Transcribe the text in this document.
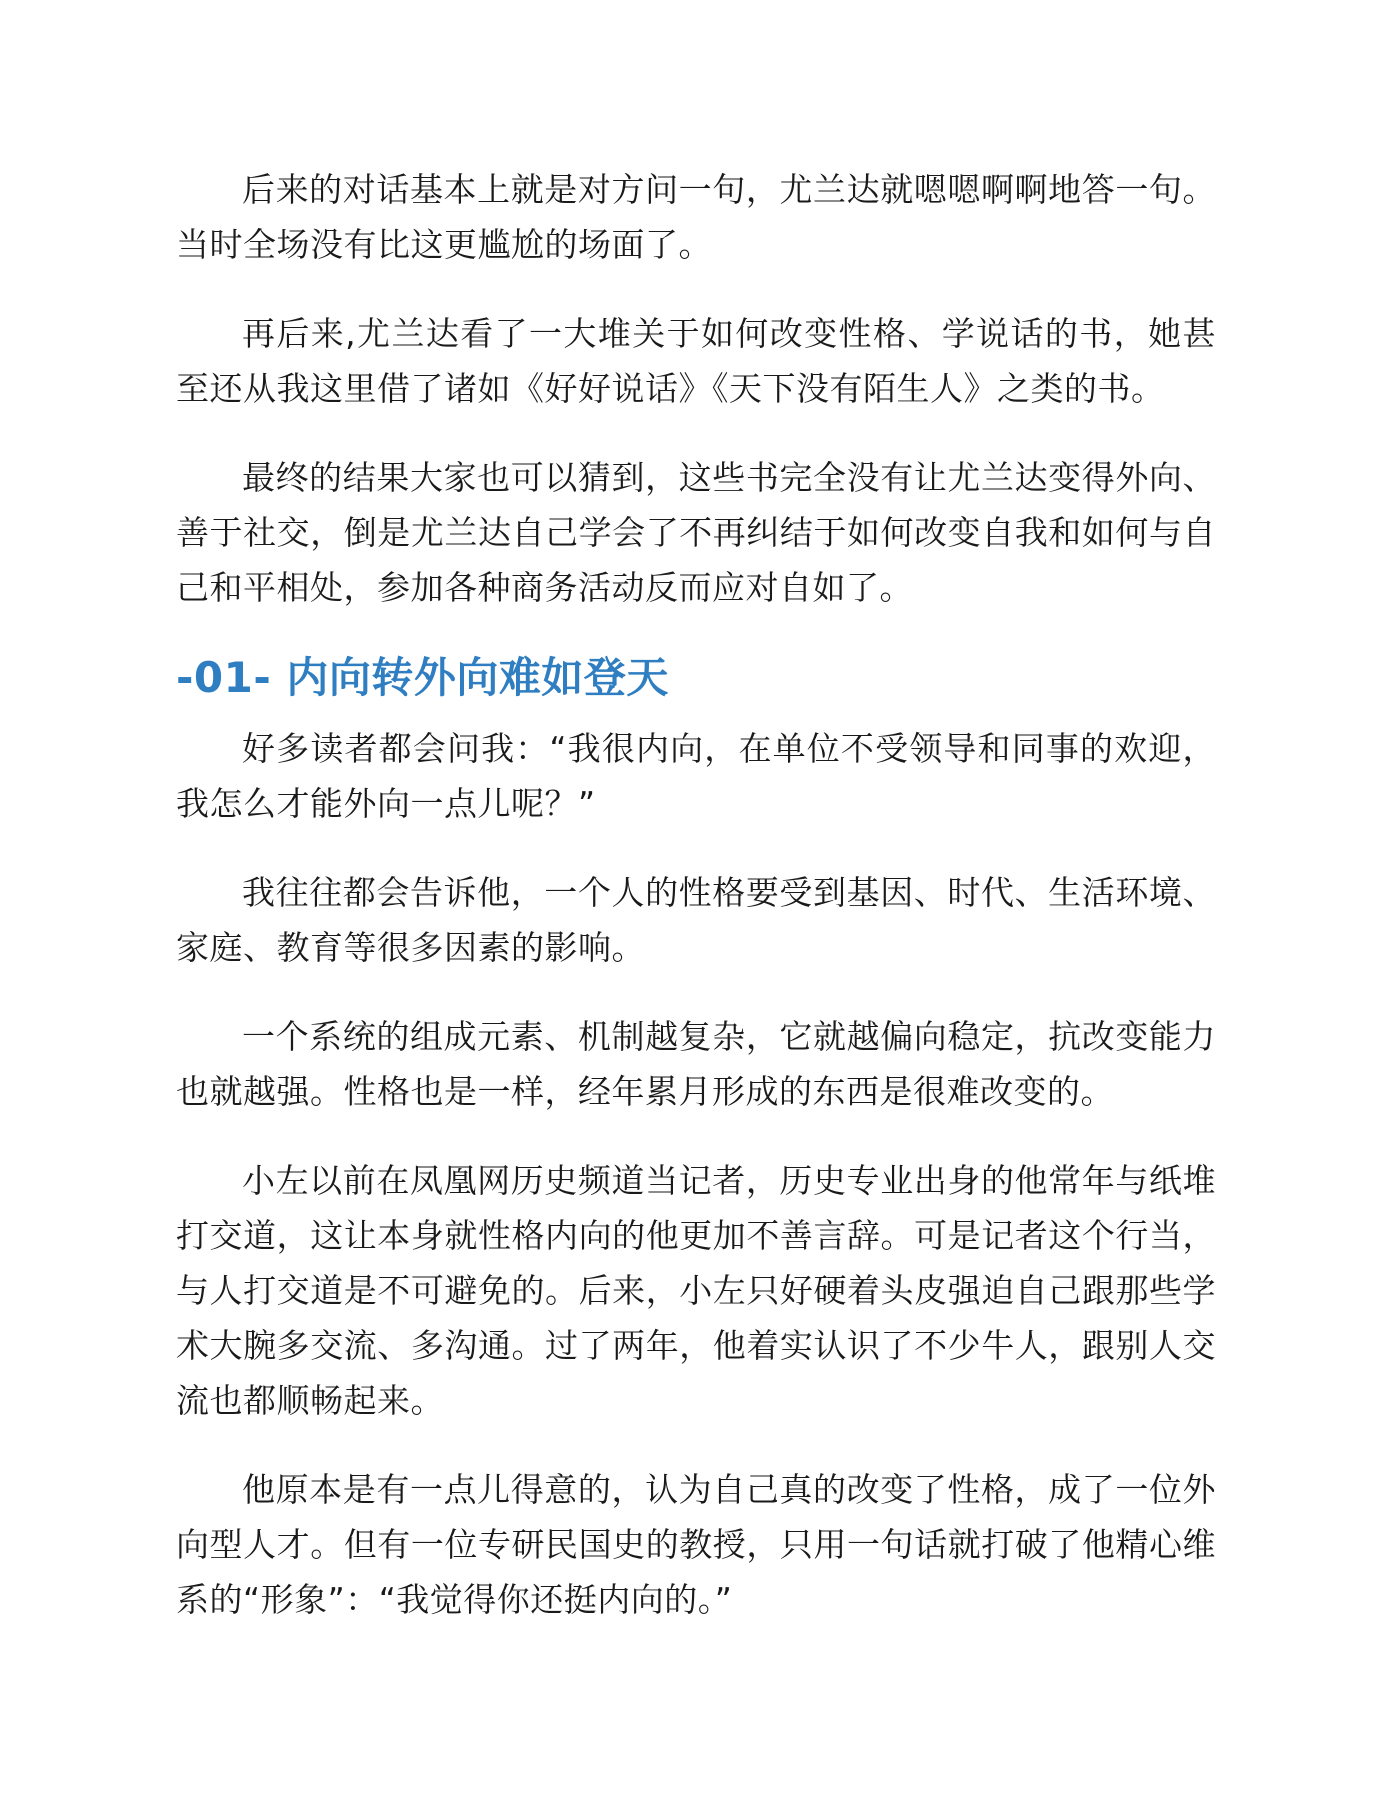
后来的对话基本上就是对方问一句，尤兰达就嗯嗯啊啊地答一句。当时全场没有比这更尴尬的场面了。

再后来,尤兰达看了一大堆关于如何改变性格、学说话的书，她甚至还从我这里借了诸如《好好说话》《天下没有陌生人》之类的书。

最终的结果大家也可以猜到，这些书完全没有让尤兰达变得外向、善于社交，倒是尤兰达自己学会了不再纠结于如何改变自我和如何与自己和平相处，参加各种商务活动反而应对自如了。

-01- 内向转外向难如登天

好多读者都会问我：“我很内向，在单位不受领导和同事的欢迎，我怎么才能外向一点儿呢？”

我往往都会告诉他，一个人的性格要受到基因、时代、生活环境、家庭、教育等很多因素的影响。

一个系统的组成元素、机制越复杂，它就越偏向稳定，抗改变能力也就越强。性格也是一样，经年累月形成的东西是很难改变的。

小左以前在凤凰网历史频道当记者，历史专业出身的他常年与纸堆打交道，这让本身就性格内向的他更加不善言辞。可是记者这个行当，与人打交道是不可避免的。后来，小左只好硬着头皮强迫自己跟那些学术大腕多交流、多沟通。过了两年，他着实认识了不少牛人，跟别人交流也都顺畅起来。

他原本是有一点儿得意的，认为自己真的改变了性格，成了一位外向型人才。但有一位专研民国史的教授，只用一句话就打破了他精心维系的“形象”：“我觉得你还挺内向的。”
